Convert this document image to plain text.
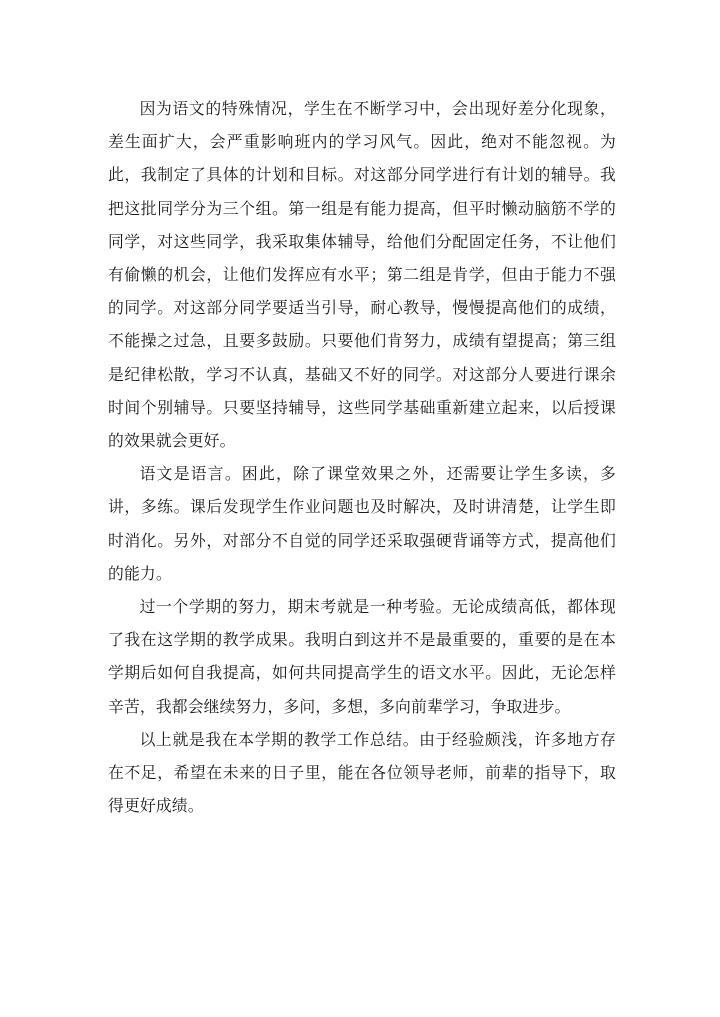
因为语文的特殊情况，学生在不断学习中，会出现好差分化现象，差生面扩大，会严重影响班内的学习风气。因此，绝对不能忽视。为此，我制定了具体的计划和目标。对这部分同学进行有计划的辅导。我把这批同学分为三个组。第一组是有能力提高，但平时懒动脑筋不学的同学，对这些同学，我采取集体辅导，给他们分配固定任务，不让他们有偷懒的机会，让他们发挥应有水平；第二组是肯学，但由于能力不强的同学。对这部分同学要适当引导，耐心教导，慢慢提高他们的成绩，不能操之过急，且要多鼓励。只要他们肯努力，成绩有望提高；第三组是纪律松散，学习不认真，基础又不好的同学。对这部分人要进行课余时间个别辅导。只要坚持辅导，这些同学基础重新建立起来，以后授课的效果就会更好。

语文是语言。困此，除了课堂效果之外，还需要让学生多读，多讲，多练。课后发现学生作业问题也及时解决，及时讲清楚，让学生即时消化。另外，对部分不自觉的同学还采取强硬背诵等方式，提高他们的能力。

过一个学期的努力，期末考就是一种考验。无论成绩高低，都体现了我在这学期的教学成果。我明白到这并不是最重要的，重要的是在本学期后如何自我提高，如何共同提高学生的语文水平。因此，无论怎样辛苦，我都会继续努力，多问，多想，多向前辈学习，争取进步。

以上就是我在本学期的教学工作总结。由于经验颇浅，许多地方存在不足，希望在未来的日子里，能在各位领导老师，前辈的指导下，取得更好成绩。
